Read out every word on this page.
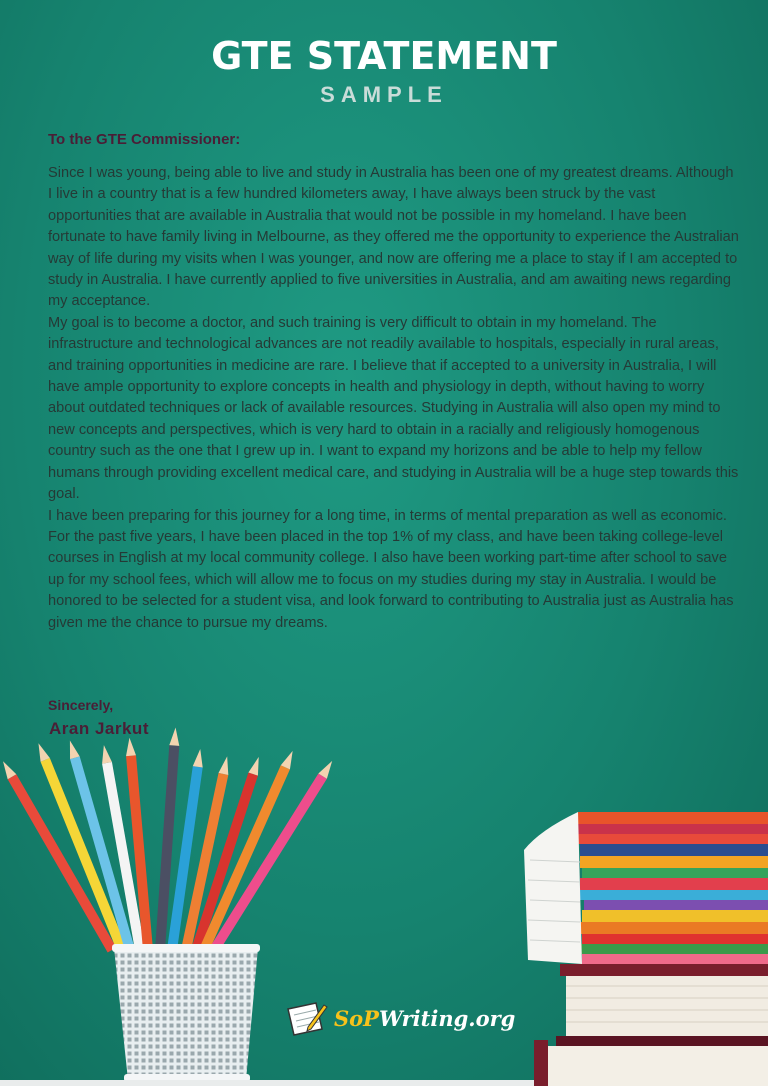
GTE STATEMENT
SAMPLE
To the GTE Commissioner:

Since I was young, being able to live and study in Australia has been one of my greatest dreams. Although I live in a country that is a few hundred kilometers away, I have always been struck by the vast opportunities that are available in Australia that would not be possible in my homeland. I have been fortunate to have family living in Melbourne, as they offered me the opportunity to experience the Australian way of life during my visits when I was younger, and now are offering me a place to stay if I am accepted to study in Australia. I have currently applied to five universities in Australia, and am awaiting news regarding my acceptance.

My goal is to become a doctor, and such training is very difficult to obtain in my homeland. The infrastructure and technological advances are not readily available to hospitals, especially in rural areas, and training opportunities in medicine are rare. I believe that if accepted to a university in Australia, I will have ample opportunity to explore concepts in health and physiology in depth, without having to worry about outdated techniques or lack of available resources. Studying in Australia will also open my mind to new concepts and perspectives, which is very hard to obtain in a racially and religiously homogenous country such as the one that I grew up in. I want to expand my horizons and be able to help my fellow humans through providing excellent medical care, and studying in Australia will be a huge step towards this goal.

I have been preparing for this journey for a long time, in terms of mental preparation as well as economic. For the past five years, I have been placed in the top 1% of my class, and have been taking college-level courses in English at my local community college. I also have been working part-time after school to save up for my school fees, which will allow me to focus on my studies during my stay in Australia. I would be honored to be selected for a student visa, and look forward to contributing to Australia just as Australia has given me the chance to pursue my dreams.

Sincerely,
Aran Jarkut
SoPWriting.org
